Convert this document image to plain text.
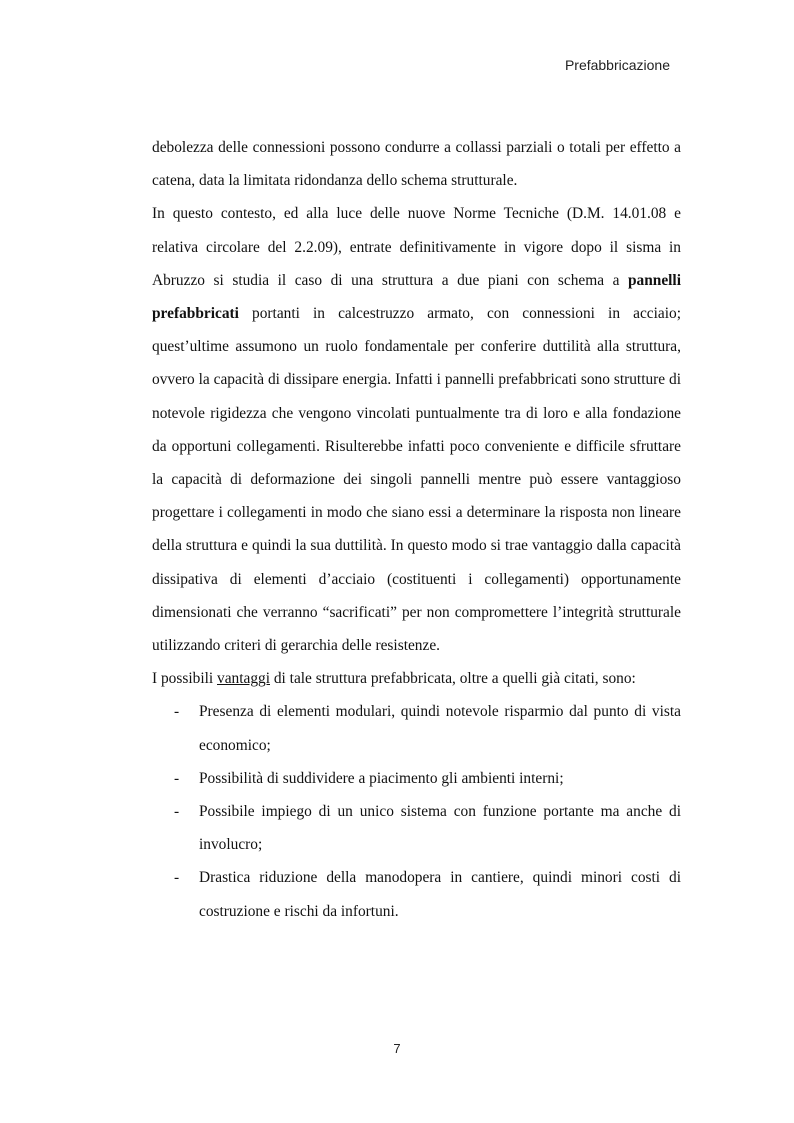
Prefabbricazione

debolezza delle connessioni possono condurre a collassi parziali o totali per effetto a catena, data la limitata ridondanza dello schema strutturale.

In questo contesto, ed alla luce delle nuove Norme Tecniche (D.M. 14.01.08 e relativa circolare del 2.2.09), entrate definitivamente in vigore dopo il sisma in Abruzzo si studia il caso di una struttura a due piani con schema a pannelli prefabbricati portanti in calcestruzzo armato, con connessioni in acciaio; quest’ultime assumono un ruolo fondamentale per conferire duttilità alla struttura, ovvero la capacità di dissipare energia. Infatti i pannelli prefabbricati sono strutture di notevole rigidezza che vengono vincolati puntualmente tra di loro e alla fondazione da opportuni collegamenti. Risulterebbe infatti poco conveniente e difficile sfruttare la capacità di deformazione dei singoli pannelli mentre può essere vantaggioso progettare i collegamenti in modo che siano essi a determinare la risposta non lineare della struttura e quindi la sua duttilità. In questo modo si trae vantaggio dalla capacità dissipativa di elementi d’acciaio (costituenti i collegamenti) opportunamente dimensionati che verranno “sacrificati” per non compromettere l’integrità strutturale utilizzando criteri di gerarchia delle resistenze.

I possibili vantaggi di tale struttura prefabbricata, oltre a quelli già citati, sono:

- Presenza di elementi modulari, quindi notevole risparmio dal punto di vista economico;
- Possibilità di suddividere a piacimento gli ambienti interni;
- Possibile impiego di un unico sistema con funzione portante ma anche di involucro;
- Drastica riduzione della manodopera in cantiere, quindi minori costi di costruzione e rischi da infortuni.
7
